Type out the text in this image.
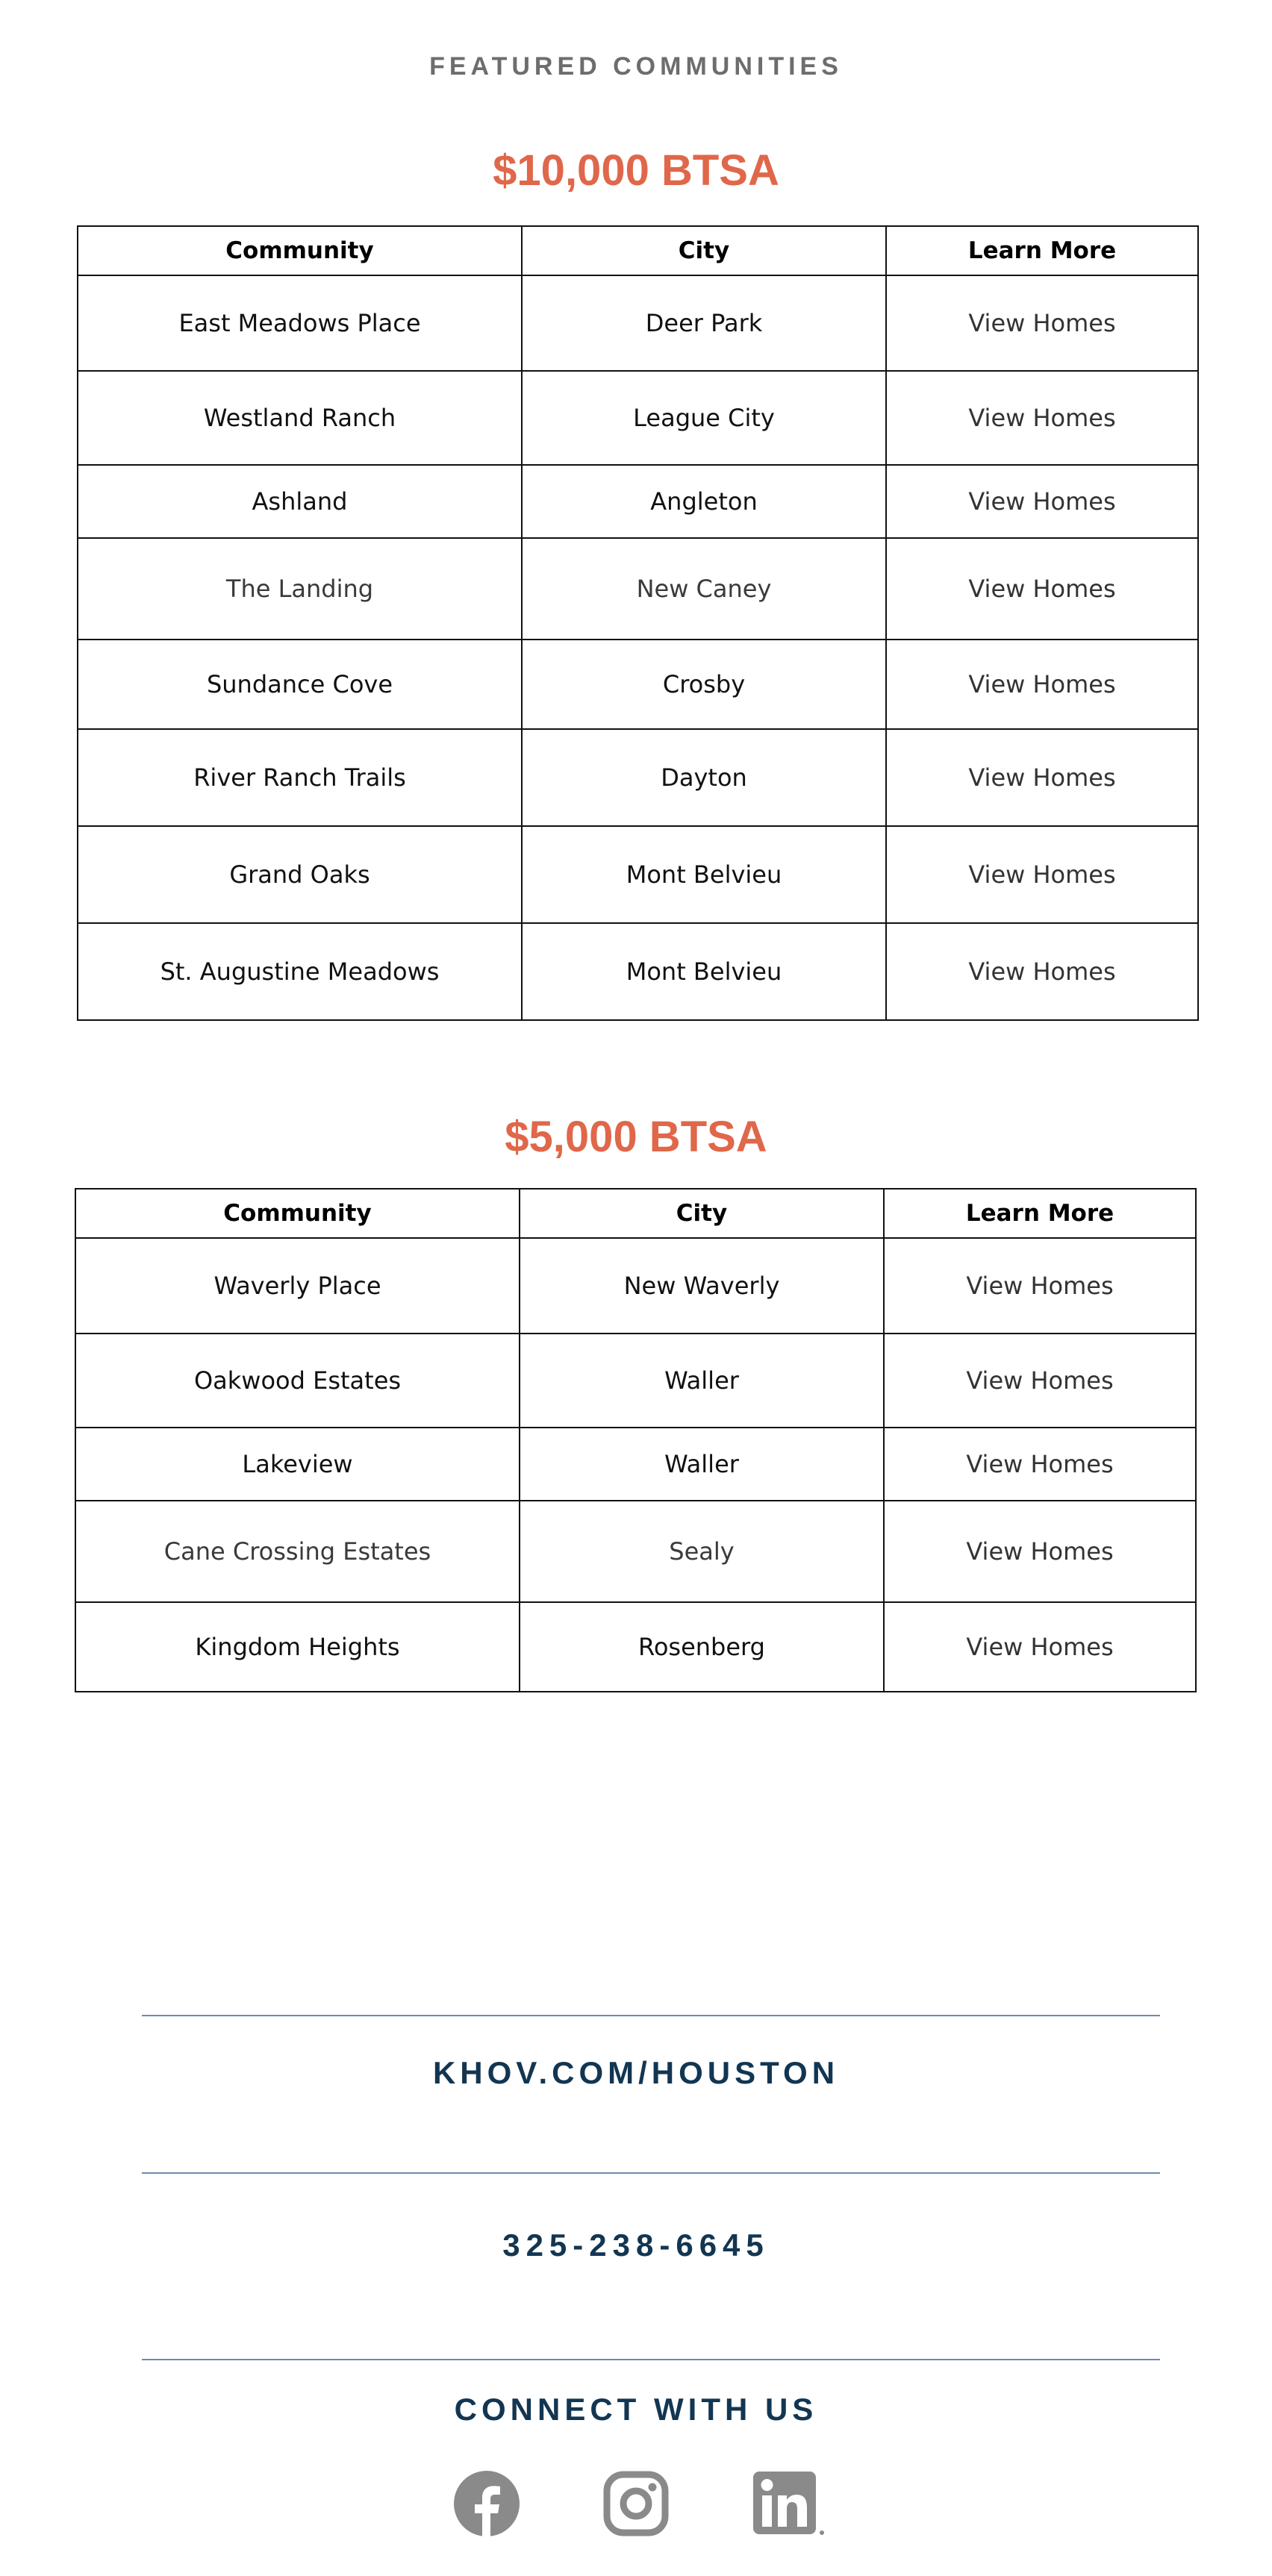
FEATURED COMMUNITIES
$10,000 BTSA
Community	City	Learn More
East Meadows Place	Deer Park	View Homes
Westland Ranch	League City	View Homes
Ashland	Angleton	View Homes
The Landing	New Caney	View Homes
Sundance Cove	Crosby	View Homes
River Ranch Trails	Dayton	View Homes
Grand Oaks	Mont Belvieu	View Homes
St. Augustine Meadows	Mont Belvieu	View Homes
$5,000 BTSA
Community	City	Learn More
Waverly Place	New Waverly	View Homes
Oakwood Estates	Waller	View Homes
Lakeview	Waller	View Homes
Cane Crossing Estates	Sealy	View Homes
Kingdom Heights	Rosenberg	View Homes
KHOV.COM/HOUSTON
325-238-6645
CONNECT WITH US
